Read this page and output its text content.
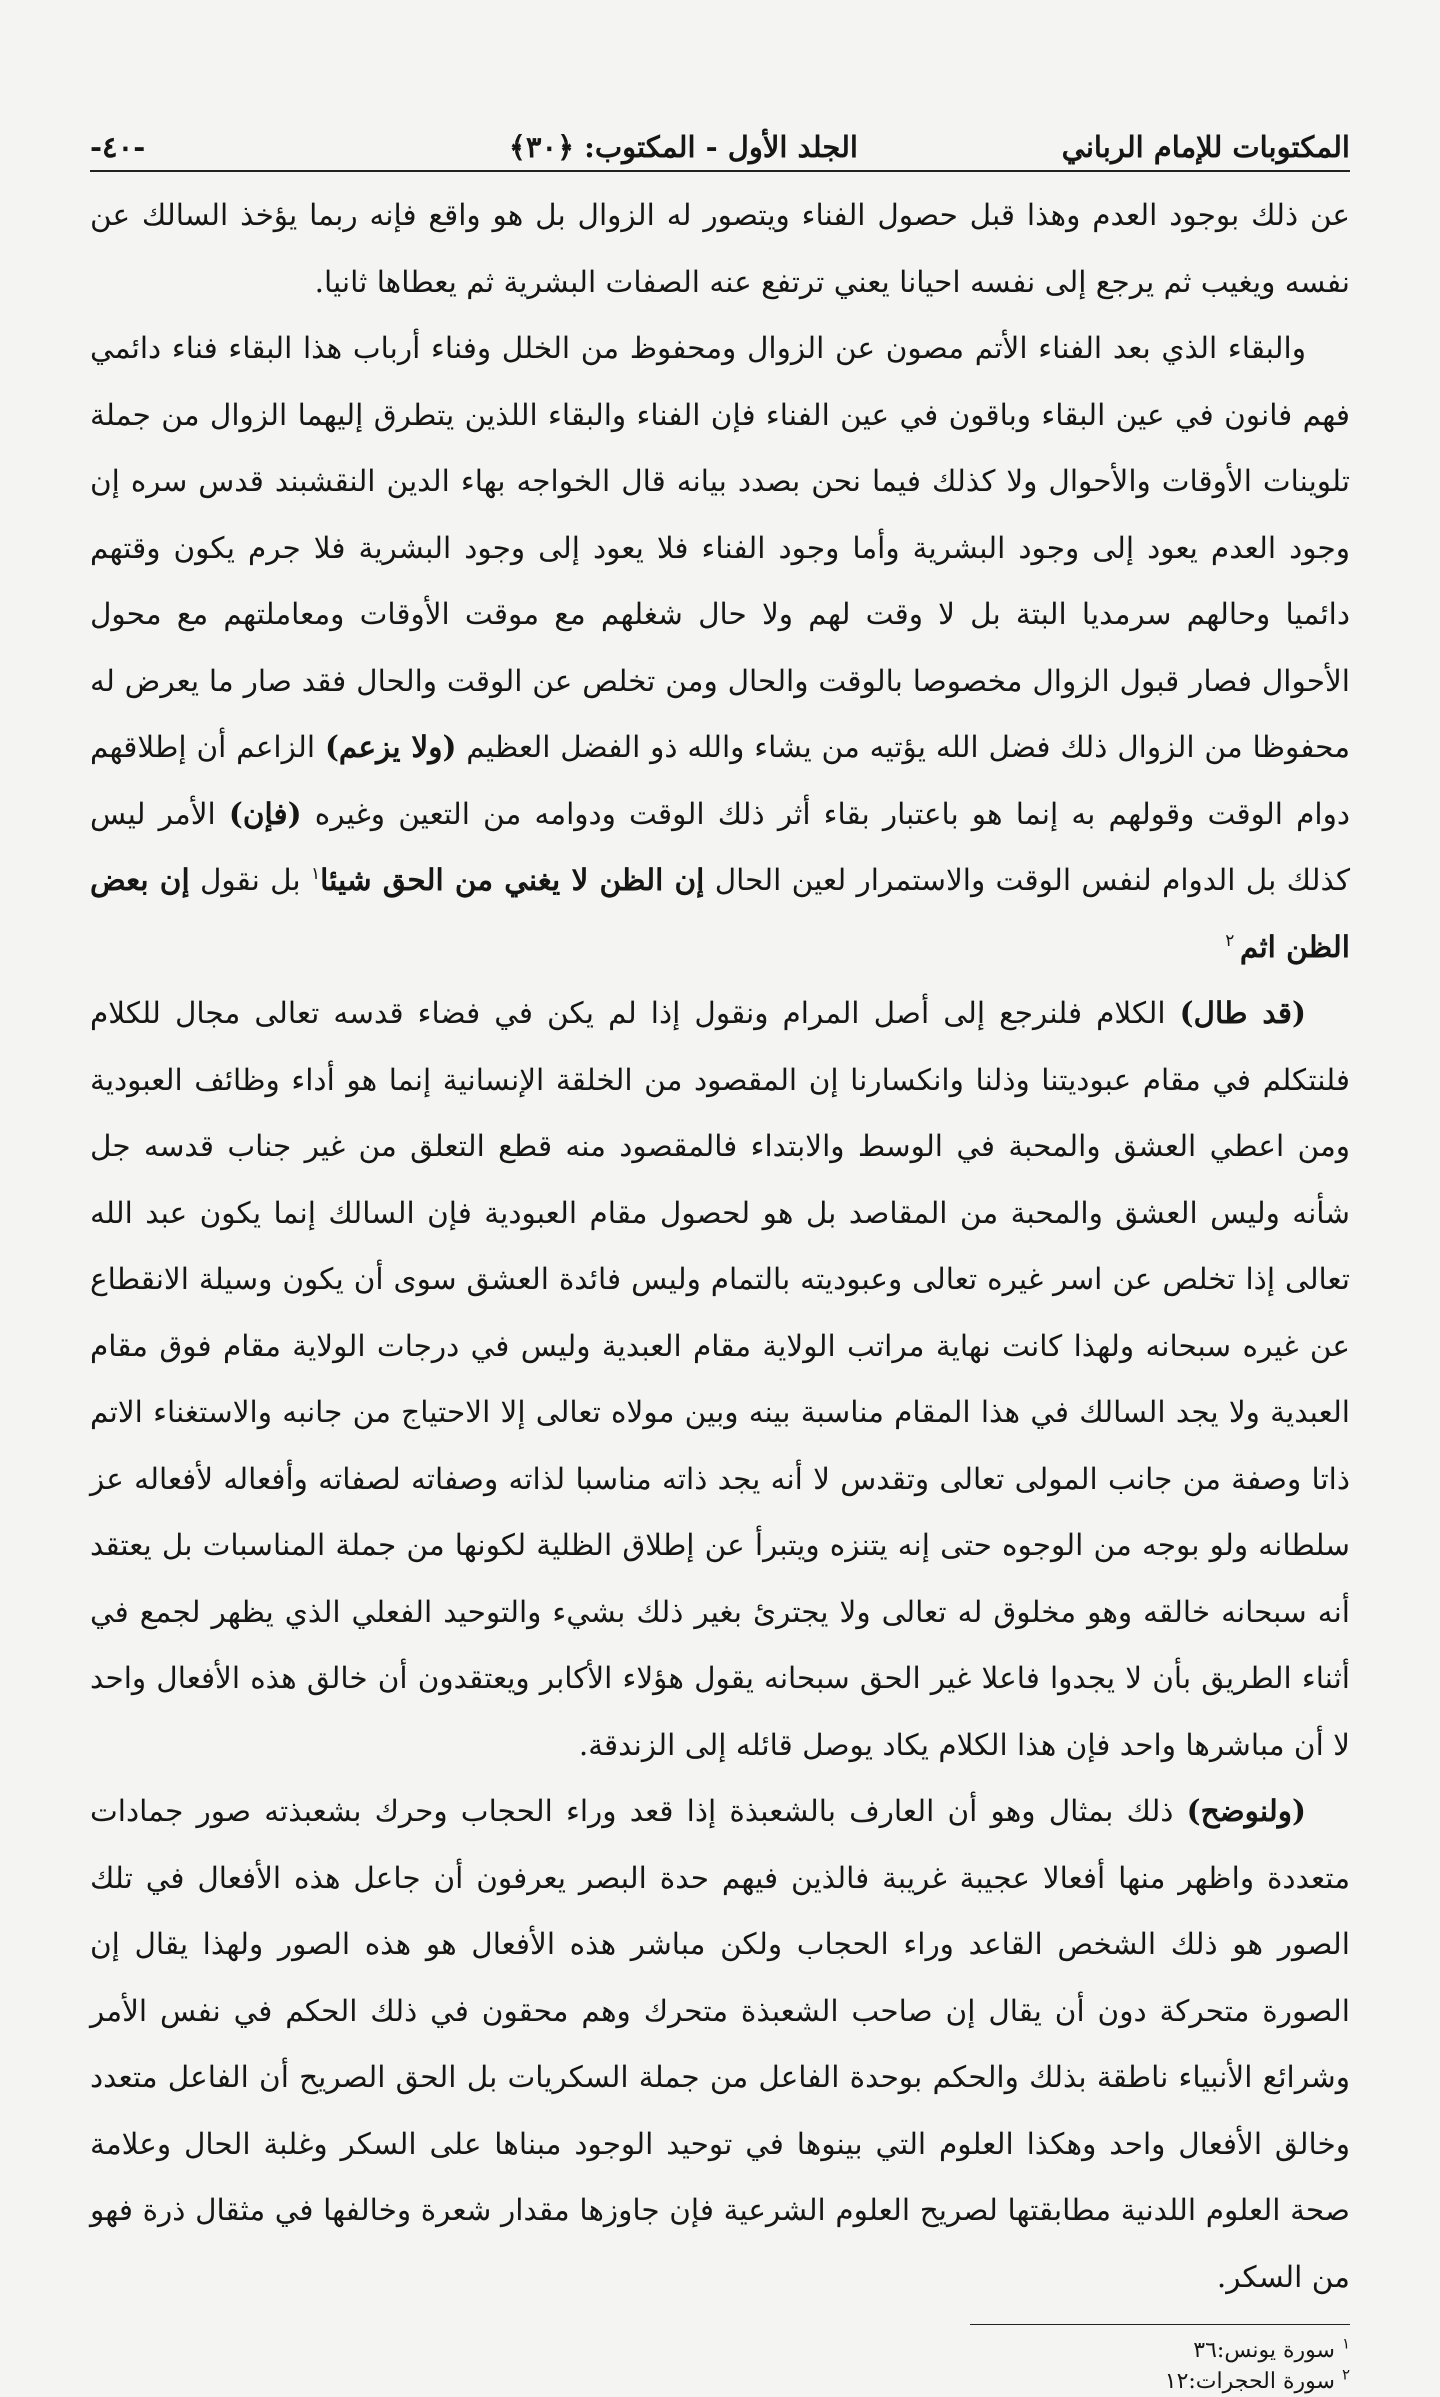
المكتوبات للإمام الرباني
الجلد الأول - المكتوب: ﴿٣٠﴾
-٤٠-

عن ذلك بوجود العدم وهذا قبل حصول الفناء ويتصور له الزوال بل هو واقع فإنه ربما يؤخذ السالك عن نفسه ويغيب ثم يرجع إلى نفسه احيانا يعني ترتفع عنه الصفات البشرية ثم يعطاها ثانيا.

والبقاء الذي بعد الفناء الأتم مصون عن الزوال ومحفوظ من الخلل وفناء أرباب هذا البقاء فناء دائمي فهم فانون في عين البقاء وباقون في عين الفناء فإن الفناء والبقاء اللذين يتطرق إليهما الزوال من جملة تلوينات الأوقات والأحوال ولا كذلك فيما نحن بصدد بيانه قال الخواجه بهاء الدين النقشبند قدس سره إن وجود العدم يعود إلى وجود البشرية وأما وجود الفناء فلا يعود إلى وجود البشرية فلا جرم يكون وقتهم دائميا وحالهم سرمديا البتة بل لا وقت لهم ولا حال شغلهم مع موقت الأوقات ومعاملتهم مع محول الأحوال فصار قبول الزوال مخصوصا بالوقت والحال ومن تخلص عن الوقت والحال فقد صار ما يعرض له محفوظا من الزوال ذلك فضل الله يؤتيه من يشاء والله ذو الفضل العظيم (ولا يزعم) الزاعم أن إطلاقهم دوام الوقت وقولهم به إنما هو باعتبار بقاء أثر ذلك الوقت ودوامه من التعين وغيره (فإن) الأمر ليس كذلك بل الدوام لنفس الوقت والاستمرار لعين الحال إن الظن لا يغني من الحق شيئا$^١$ بل نقول إن بعض الظن اثم $^٢$

(قد طال) الكلام فلنرجع إلى أصل المرام ونقول إذا لم يكن في فضاء قدسه تعالى مجال للكلام فلنتكلم في مقام عبوديتنا وذلنا وانكسارنا إن المقصود من الخلقة الإنسانية إنما هو أداء وظائف العبودية ومن اعطي العشق والمحبة في الوسط والابتداء فالمقصود منه قطع التعلق من غير جناب قدسه جل شأنه وليس العشق والمحبة من المقاصد بل هو لحصول مقام العبودية فإن السالك إنما يكون عبد الله تعالى إذا تخلص عن اسر غيره تعالى وعبوديته بالتمام وليس فائدة العشق سوى أن يكون وسيلة الانقطاع عن غيره سبحانه ولهذا كانت نهاية مراتب الولاية مقام العبدية وليس في درجات الولاية مقام فوق مقام العبدية ولا يجد السالك في هذا المقام مناسبة بينه وبين مولاه تعالى إلا الاحتياج من جانبه والاستغناء الاتم ذاتا وصفة من جانب المولى تعالى وتقدس لا أنه يجد ذاته مناسبا لذاته وصفاته لصفاته وأفعاله لأفعاله عز سلطانه ولو بوجه من الوجوه حتى إنه يتنزه ويتبرأ عن إطلاق الظلية لكونها من جملة المناسبات بل يعتقد أنه سبحانه خالقه وهو مخلوق له تعالى ولا يجترئ بغير ذلك بشيء والتوحيد الفعلي الذي يظهر لجمع في أثناء الطريق بأن لا يجدوا فاعلا غير الحق سبحانه يقول هؤلاء الأكابر ويعتقدون أن خالق هذه الأفعال واحد لا أن مباشرها واحد فإن هذا الكلام يكاد يوصل قائله إلى الزندقة.

(ولنوضح) ذلك بمثال وهو أن العارف بالشعبذة إذا قعد وراء الحجاب وحرك بشعبذته صور جمادات متعددة واظهر منها أفعالا عجيبة غريبة فالذين فيهم حدة البصر يعرفون أن جاعل هذه الأفعال في تلك الصور هو ذلك الشخص القاعد وراء الحجاب ولكن مباشر هذه الأفعال هو هذه الصور ولهذا يقال إن الصورة متحركة دون أن يقال إن صاحب الشعبذة متحرك وهم محقون في ذلك الحكم في نفس الأمر وشرائع الأنبياء ناطقة بذلك والحكم بوحدة الفاعل من جملة السكريات بل الحق الصريح أن الفاعل متعدد وخالق الأفعال واحد وهكذا العلوم التي بينوها في توحيد الوجود مبناها على السكر وغلبة الحال وعلامة صحة العلوم اللدنية مطابقتها لصريح العلوم الشرعية فإن جاوزها مقدار شعرة وخالفها في مثقال ذرة فهو من السكر.

$^١$ سورة يونس:٣٦
$^٢$ سورة الحجرات:١٢
